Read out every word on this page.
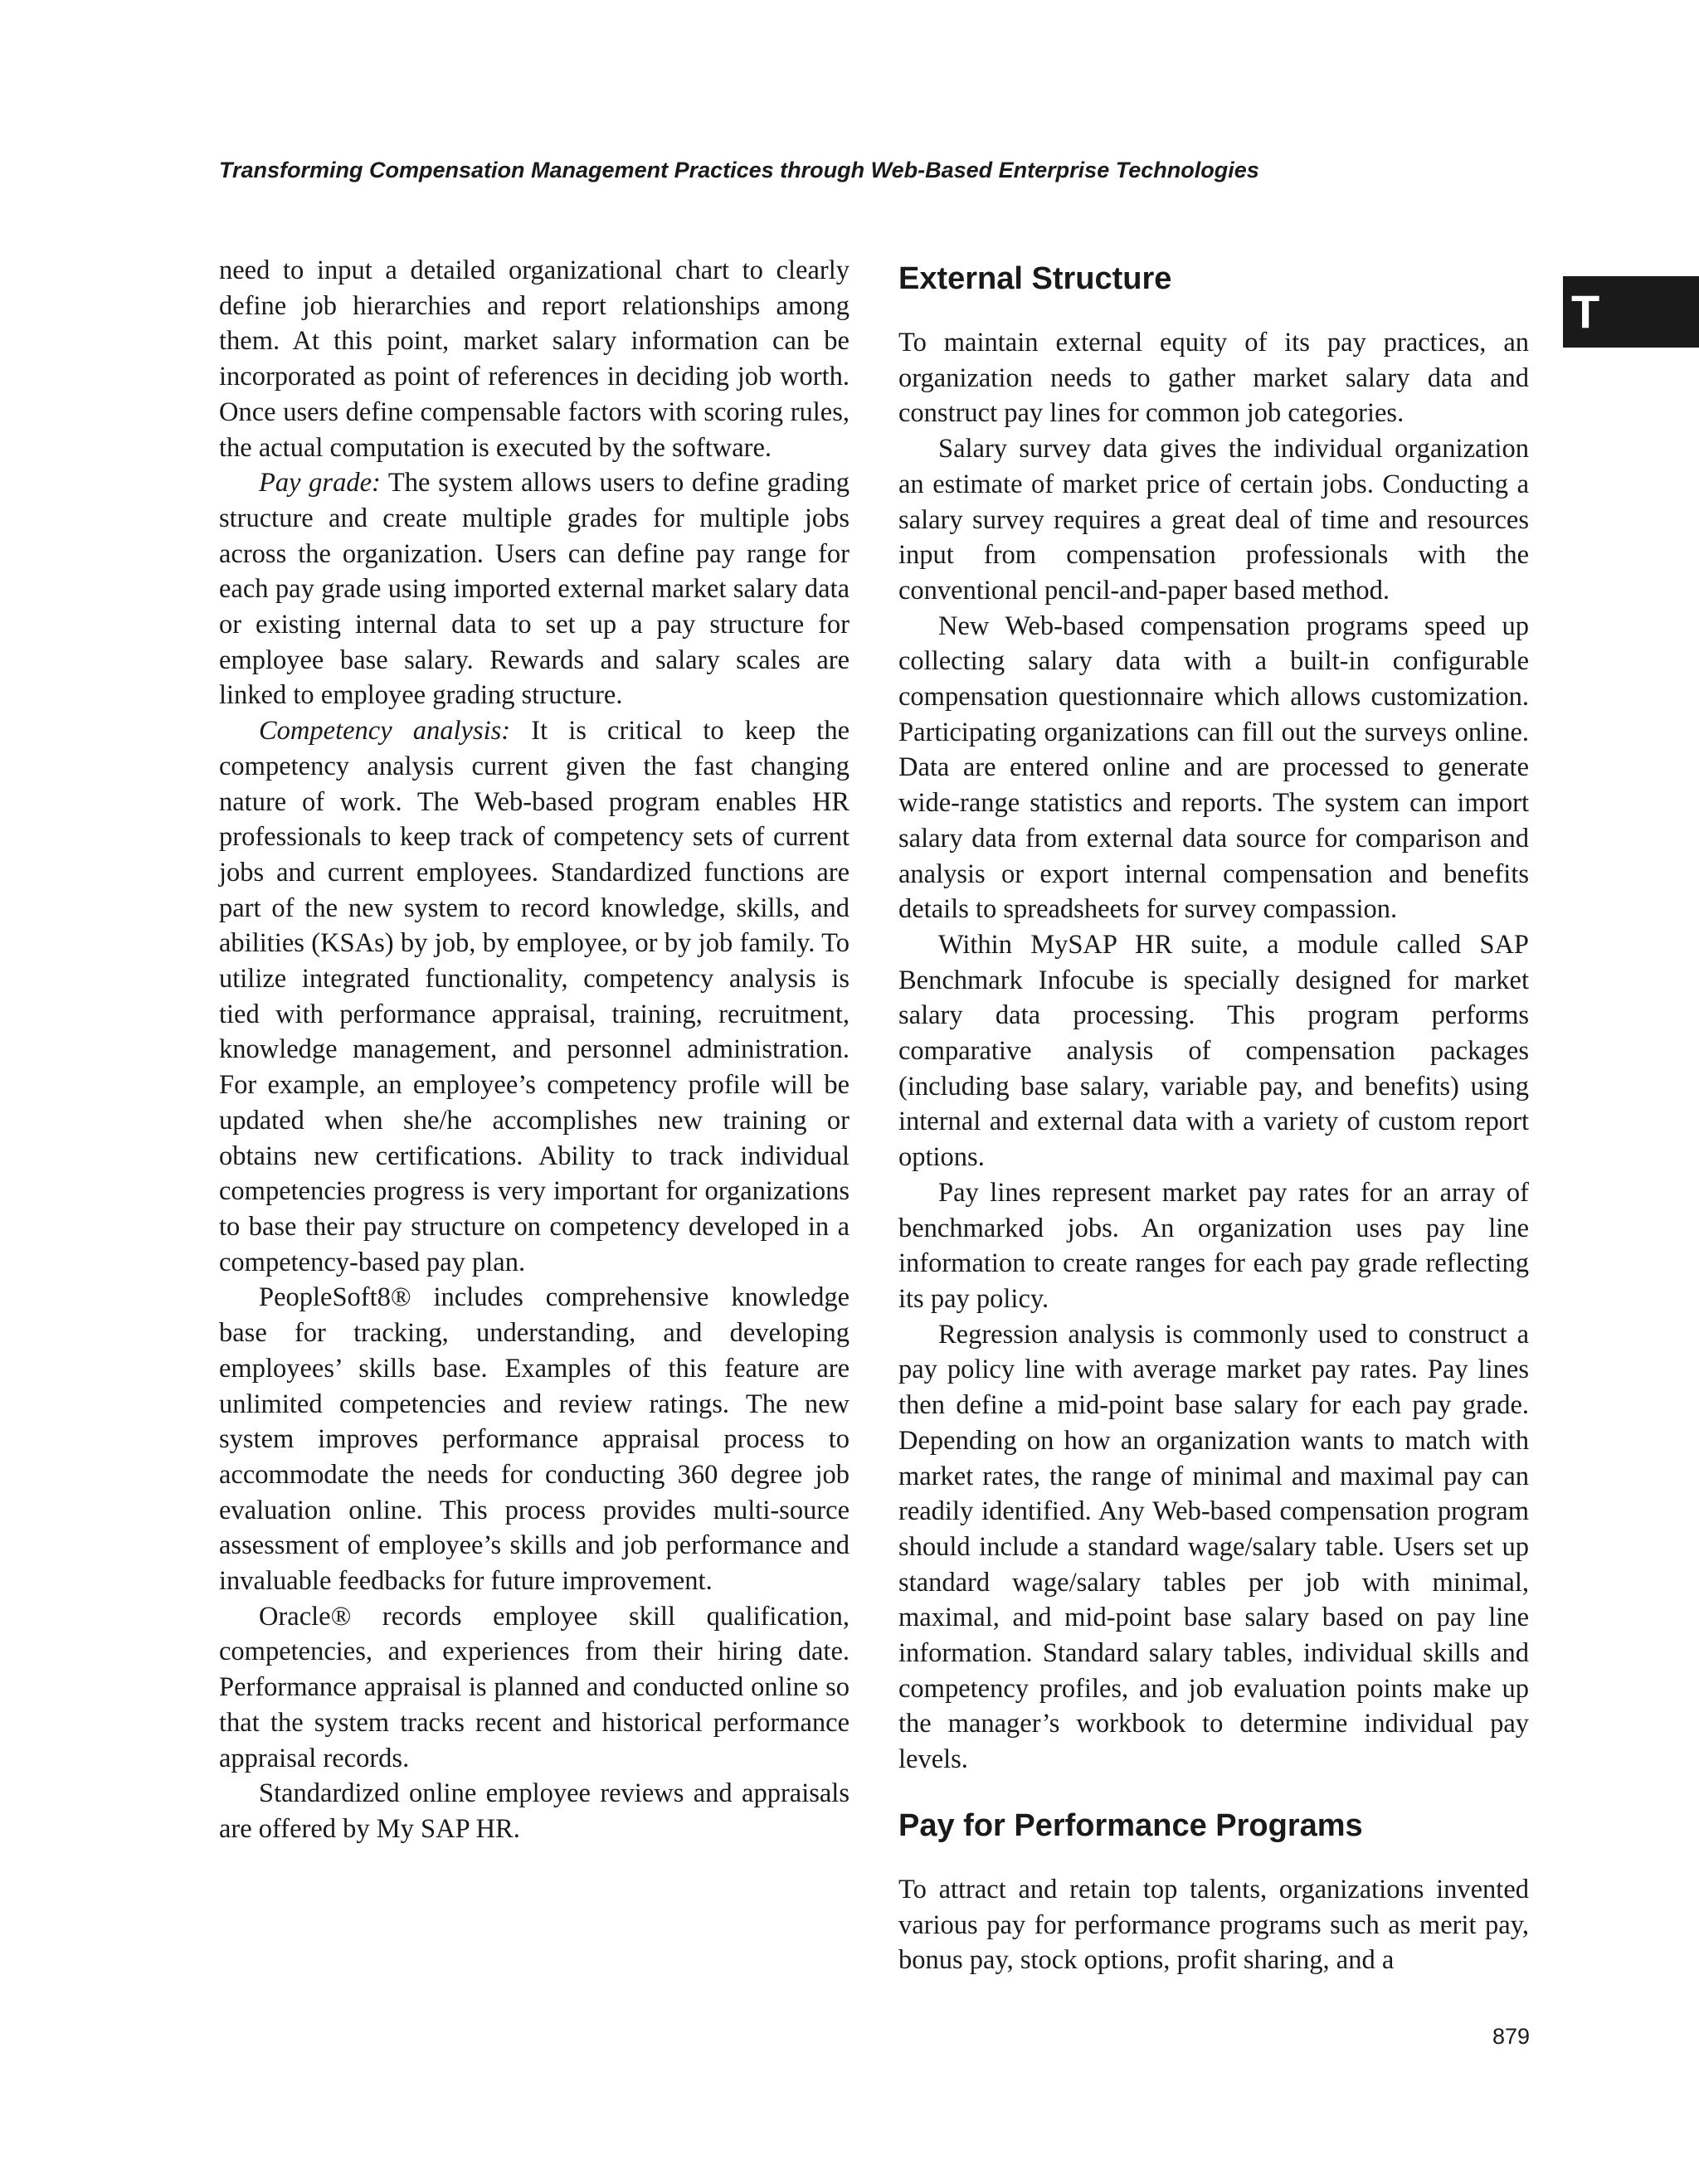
Transforming Compensation Management Practices through Web-Based Enterprise Technologies
T

need to input a detailed organizational chart to clearly define job hierarchies and report relationships among them. At this point, market salary information can be incorporated as point of references in deciding job worth. Once users define compensable factors with scoring rules, the actual computation is executed by the software.

Pay grade: The system allows users to define grading structure and create multiple grades for multiple jobs across the organization. Users can define pay range for each pay grade using imported external market salary data or existing internal data to set up a pay structure for employee base salary. Rewards and salary scales are linked to employee grading structure.

Competency analysis: It is critical to keep the competency analysis current given the fast changing nature of work. The Web-based program enables HR professionals to keep track of competency sets of current jobs and current employees. Standardized functions are part of the new system to record knowledge, skills, and abilities (KSAs) by job, by employee, or by job family. To utilize integrated functionality, competency analysis is tied with performance appraisal, training, recruitment, knowledge management, and personnel administration. For example, an employee’s competency profile will be updated when she/he accomplishes new training or obtains new certifications. Ability to track individual competencies progress is very important for organizations to base their pay structure on competency developed in a competency-based pay plan.

PeopleSoft8® includes comprehensive knowledge base for tracking, understanding, and developing employees’ skills base. Examples of this feature are unlimited competencies and review ratings. The new system improves performance appraisal process to accommodate the needs for conducting 360 degree job evaluation online. This process provides multi-source assessment of employee’s skills and job performance and invaluable feedbacks for future improvement.

Oracle® records employee skill qualification, competencies, and experiences from their hiring date. Performance appraisal is planned and conducted online so that the system tracks recent and historical performance appraisal records.

Standardized online employee reviews and appraisals are offered by My SAP HR.

External Structure

To maintain external equity of its pay practices, an organization needs to gather market salary data and construct pay lines for common job categories.

Salary survey data gives the individual organization an estimate of market price of certain jobs. Conducting a salary survey requires a great deal of time and resources input from compensation professionals with the conventional pencil-and-paper based method.

New Web-based compensation programs speed up collecting salary data with a built-in configurable compensation questionnaire which allows customization. Participating organizations can fill out the surveys online. Data are entered online and are processed to generate wide-range statistics and reports. The system can import salary data from external data source for comparison and analysis or export internal compensation and benefits details to spreadsheets for survey compassion.

Within MySAP HR suite, a module called SAP Benchmark Infocube is specially designed for market salary data processing. This program performs comparative analysis of compensation packages (including base salary, variable pay, and benefits) using internal and external data with a variety of custom report options.

Pay lines represent market pay rates for an array of benchmarked jobs. An organization uses pay line information to create ranges for each pay grade reflecting its pay policy.

Regression analysis is commonly used to construct a pay policy line with average market pay rates. Pay lines then define a mid-point base salary for each pay grade. Depending on how an organization wants to match with market rates, the range of minimal and maximal pay can readily identified. Any Web-based compensation program should include a standard wage/salary table. Users set up standard wage/salary tables per job with minimal, maximal, and mid-point base salary based on pay line information. Standard salary tables, individual skills and competency profiles, and job evaluation points make up the manager’s workbook to determine individual pay levels.

Pay for Performance Programs

To attract and retain top talents, organizations invented various pay for performance programs such as merit pay, bonus pay, stock options, profit sharing, and a

879
